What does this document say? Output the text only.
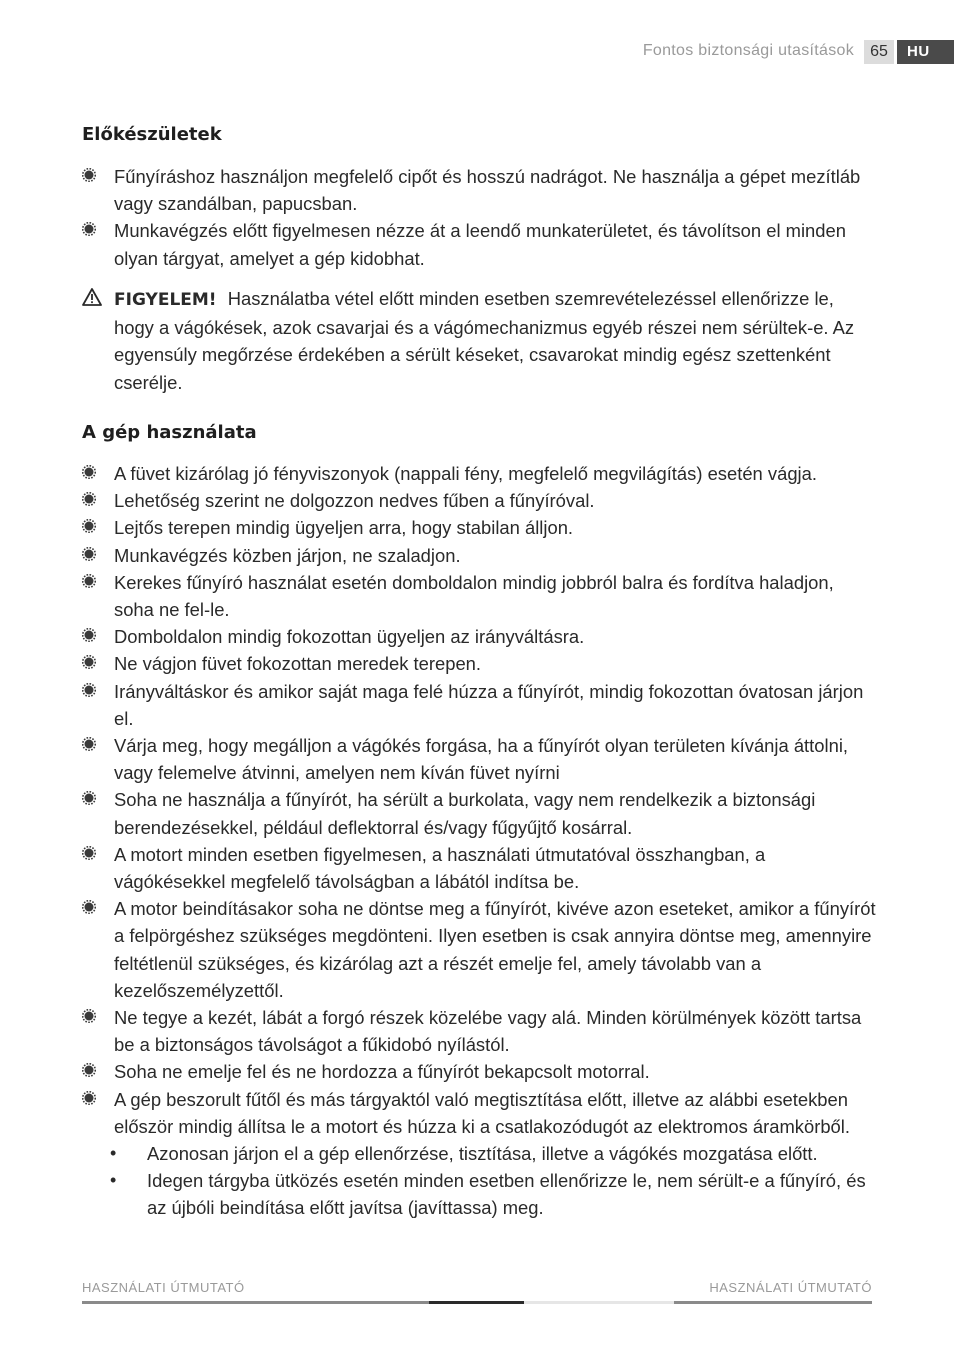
Fontos biztonsági utasítások	65	HU
Előkészületek
Fűnyíráshoz használjon megfelelő cipőt és hosszú nadrágot. Ne használja a gépet mezítláb vagy szandálban, papucsban.
Munkavégzés előtt figyelmesen nézze át a leendő munkaterületet, és távolítson el minden olyan tárgyat, amelyet a gép kidobhat.
FIGYELEM! Használatba vétel előtt minden esetben szemrevételezéssel ellenőrizze le, hogy a vágókések, azok csavarjai és a vágómechanizmus egyéb részei nem sérültek-e. Az egyensúly megőrzése érdekében a sérült késeket, csavarokat mindig egész szettenként cserélje.
A gép használata
A füvet kizárólag jó fényviszonyok (nappali fény, megfelelő megvilágítás) esetén vágja.
Lehetőség szerint ne dolgozzon nedves fűben a fűnyíróval.
Lejtős terepen mindig ügyeljen arra, hogy stabilan álljon.
Munkavégzés közben járjon, ne szaladjon.
Kerekes fűnyíró használat esetén domboldalon mindig jobbról balra és fordítva haladjon, soha ne fel-le.
Domboldalon mindig fokozottan ügyeljen az irányváltásra.
Ne vágjon füvet fokozottan meredek terepen.
Irányváltáskor és amikor saját maga felé húzza a fűnyírót, mindig fokozottan óvatosan járjon el.
Várja meg, hogy megálljon a vágókés forgása, ha a fűnyírót olyan területen kívánja áttolni, vagy felemelve átvinni, amelyen nem kíván füvet nyírni
Soha ne használja a fűnyírót, ha sérült a burkolata, vagy nem rendelkezik a biztonsági berendezésekkel, például deflektorral és/vagy fűgyűjtő kosárral.
A motort minden esetben figyelmesen, a használati útmutatóval összhangban, a vágókésekkel megfelelő távolságban a lábától indítsa be.
A motor beindításakor soha ne döntse meg a fűnyírót, kivéve azon eseteket, amikor a fűnyírót a felpörgéshez szükséges megdönteni. Ilyen esetben is csak annyira döntse meg, amennyire feltétlenül szükséges, és kizárólag azt a részét emelje fel, amely távolabb van a kezelőszemélyzettől.
Ne tegye a kezét, lábát a forgó részek közelébe vagy alá. Minden körülmények között tartsa be a biztonságos távolságot a fűkidobó nyílástól.
Soha ne emelje fel és ne hordozza a fűnyírót bekapcsolt motorral.
A gép beszorult fűtől és más tárgyaktól való megtisztítása előtt, illetve az alábbi esetekben először mindig állítsa le a motort és húzza ki a csatlakozódugót az elektromos áramkörből.
• Azonosan járjon el a gép ellenőrzése, tisztítása, illetve a vágókés mozgatása előtt.
• Idegen tárgyba ütközés esetén minden esetben ellenőrizze le, nem sérült-e a fűnyíró, és az újbóli beindítása előtt javítsa (javíttassa) meg.
HASZNÁLATI ÚTMUTATÓ	HASZNÁLATI ÚTMUTATÓ
